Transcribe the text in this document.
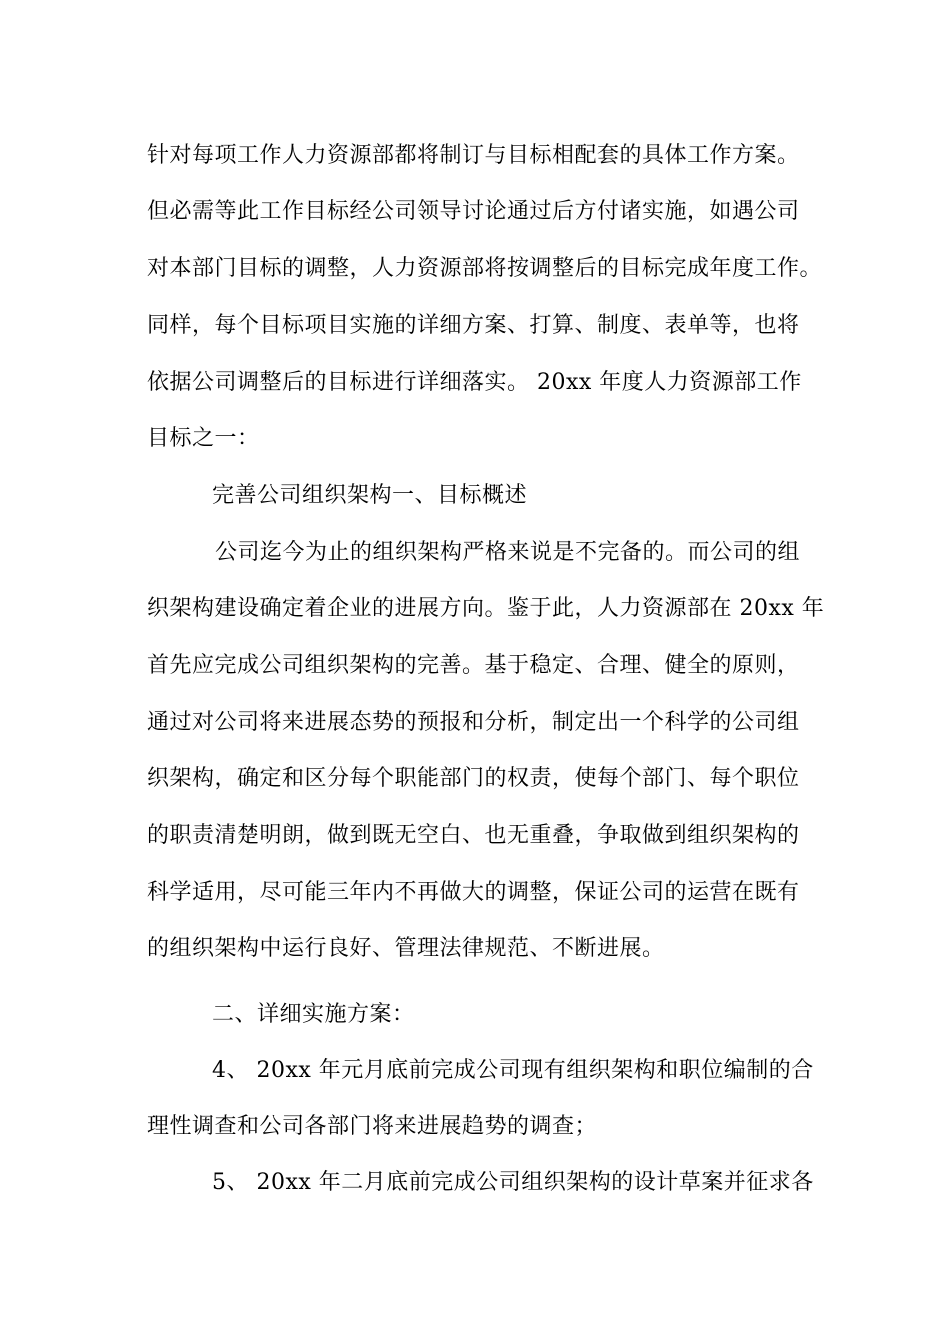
针对每项工作人力资源部都将制订与目标相配套的具体工作方案。
但必需等此工作目标经公司领导讨论通过后方付诸实施，如遇公司
对本部门目标的调整，人力资源部将按调整后的目标完成年度工作。
同样，每个目标项目实施的详细方案、打算、制度、表单等，也将
依据公司调整后的目标进行详细落实。 20xx 年度人力资源部工作
目标之一：
完善公司组织架构一、目标概述
公司迄今为止的组织架构严格来说是不完备的。而公司的组
织架构建设确定着企业的进展方向。鉴于此，人力资源部在 20xx 年
首先应完成公司组织架构的完善。基于稳定、合理、健全的原则，
通过对公司将来进展态势的预报和分析，制定出一个科学的公司组
织架构，确定和区分每个职能部门的权责，使每个部门、每个职位
的职责清楚明朗，做到既无空白、也无重叠，争取做到组织架构的
科学适用，尽可能三年内不再做大的调整，保证公司的运营在既有
的组织架构中运行良好、管理法律规范、不断进展。
二、详细实施方案：
4、 20xx 年元月底前完成公司现有组织架构和职位编制的合
理性调查和公司各部门将来进展趋势的调查；
5、 20xx 年二月底前完成公司组织架构的设计草案并征求各
